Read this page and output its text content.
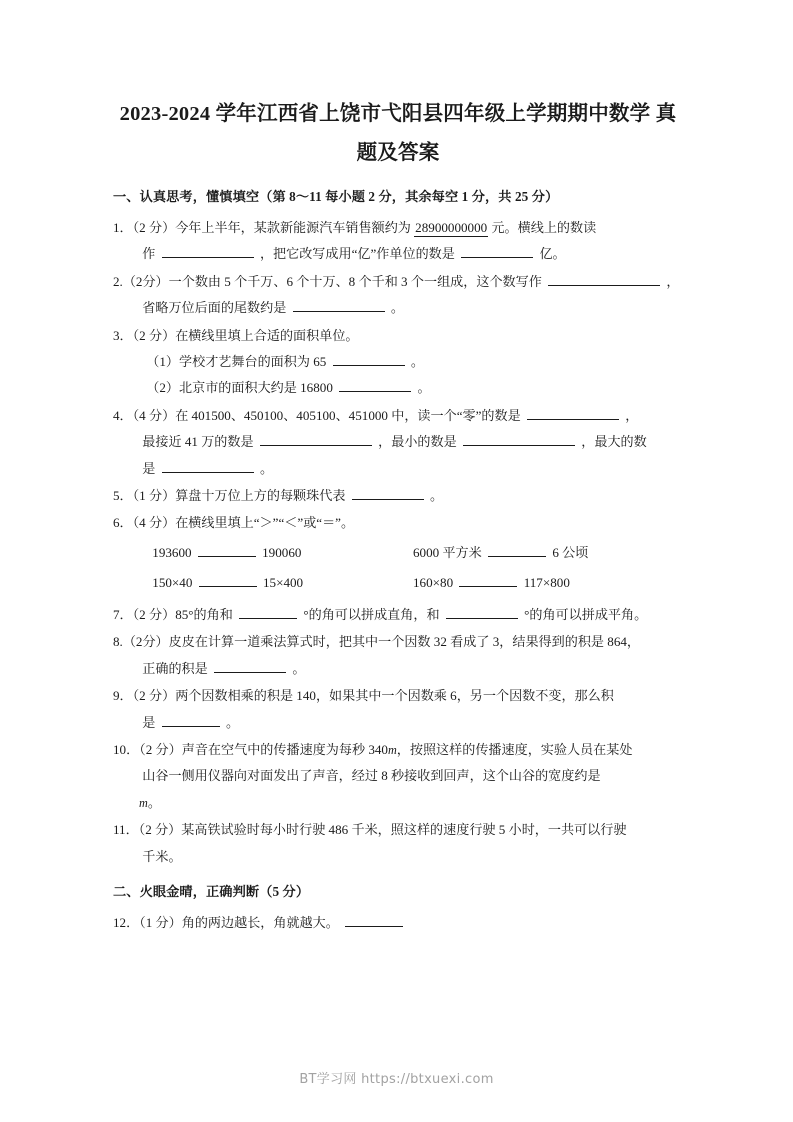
2023-2024 学年江西省上饶市弋阳县四年级上学期期中数学 真题及答案
一、认真思考，懂慎填空（第 8～11 每小题 2 分，其余每空 1 分，共 25 分）
1．（2 分）今年上半年，某款新能源汽车销售额约为 28900000000 元。横线上的数读
作	，把它改写成用“亿”作单位的数是	亿。
2.（2分）一个数由 5 个千万、6 个十万、8 个千和 3 个一组成，这个数写作	，
省略万位后面的尾数约是	。
3．（2 分）在横线里填上合适的面积单位。
（1）学校才艺舞台的面积为 65	。
（2）北京市的面积大约是 16800	。
4．（4 分）在 401500、450100、405100、451000 中，读一个“零”的数是	，
最接近 41 万的数是	，最小的数是	，最大的数
是	。
5．（1 分）算盘十万位上方的每颗珠代表	。
6．（4 分）在横线里填上“＞”“＜”或“＝”。
193600	190060	6000 平方米	6 公顷
150×40	15×400	160×80	117×800
7．（2 分）85°的角和	°的角可以拼成直角，和	°的角可以拼成平角。
8.（2分）皮皮在计算一道乘法算式时，把其中一个因数 32 看成了 3，结果得到的积是 864，
正确的积是	。
9．（2 分）两个因数相乘的积是 140，如果其中一个因数乘 6，另一个因数不变，那么积
是	。
10．（2 分）声音在空气中的传播速度为每秒 340m，按照这样的传播速度，实验人员在某处
山谷一侧用仪器向对面发出了声音，经过 8 秒接收到回声，这个山谷的宽度约是
m。
11．（2 分）某高铁试验时每小时行驶 486 千米，照这样的速度行驶 5 小时，一共可以行驶
千米。
二、火眼金晴，正确判断（5 分）
12．（1 分）角的两边越长，角就越大。
BT学习网 https://btxuexi.com
